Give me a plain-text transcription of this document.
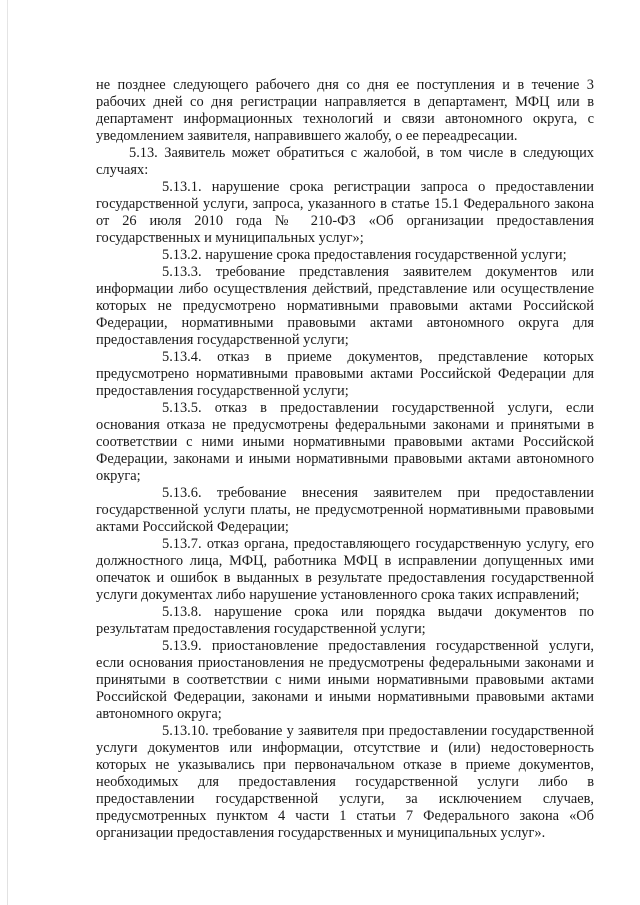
не позднее следующего рабочего дня со дня ее поступления и в течение 3 рабочих дней со дня регистрации направляется в департамент, МФЦ или в департамент информационных технологий и связи автономного округа, с уведомлением заявителя, направившего жалобу, о ее переадресации.

5.13. Заявитель может обратиться с жалобой, в том числе в следующих случаях:

5.13.1. нарушение срока регистрации запроса о предоставлении государственной услуги, запроса, указанного в статье 15.1 Федерального закона от 26 июля 2010 года № 210-ФЗ «Об организации предоставления государственных и муниципальных услуг»;

5.13.2. нарушение срока предоставления государственной услуги;

5.13.3. требование представления заявителем документов или информации либо осуществления действий, представление или осуществление которых не предусмотрено нормативными правовыми актами Российской Федерации, нормативными правовыми актами автономного округа для предоставления государственной услуги;

5.13.4. отказ в приеме документов, представление которых предусмотрено нормативными правовыми актами Российской Федерации для предоставления государственной услуги;

5.13.5. отказ в предоставлении государственной услуги, если основания отказа не предусмотрены федеральными законами и принятыми в соответствии с ними иными нормативными правовыми актами Российской Федерации, законами и иными нормативными правовыми актами автономного округа;

5.13.6. требование внесения заявителем при предоставлении государственной услуги платы, не предусмотренной нормативными правовыми актами Российской Федерации;

5.13.7. отказ органа, предоставляющего государственную услугу, его должностного лица, МФЦ, работника МФЦ в исправлении допущенных ими опечаток и ошибок в выданных в результате предоставления государственной услуги документах либо нарушение установленного срока таких исправлений;

5.13.8. нарушение срока или порядка выдачи документов по результатам предоставления государственной услуги;

5.13.9. приостановление предоставления государственной услуги, если основания приостановления не предусмотрены федеральными законами и принятыми в соответствии с ними иными нормативными правовыми актами Российской Федерации, законами и иными нормативными правовыми актами автономного округа;

5.13.10. требование у заявителя при предоставлении государственной услуги документов или информации, отсутствие и (или) недостоверность которых не указывались при первоначальном отказе в приеме документов, необходимых для предоставления государственной услуги либо в предоставлении государственной услуги, за исключением случаев, предусмотренных пунктом 4 части 1 статьи 7 Федерального закона «Об организации предоставления государственных и муниципальных услуг».
